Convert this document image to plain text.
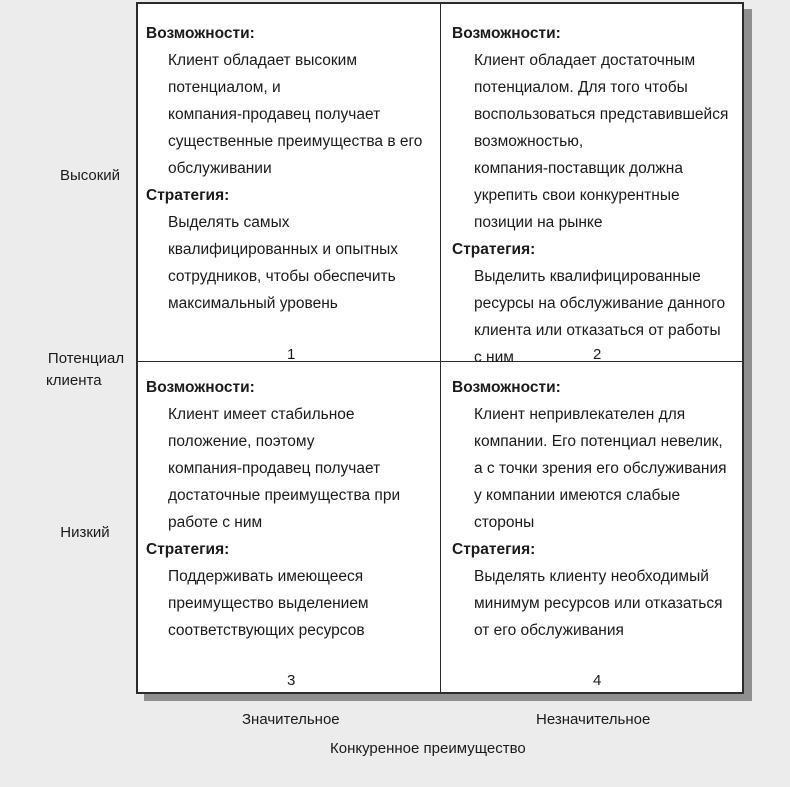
Возможности:
Клиент обладает высоким
потенциалом, и
компания-продавец получает
существенные преимущества в его
обслуживании
Стратегия:
Выделять самых
квалифицированных и опытных
сотрудников, чтобы обеспечить
максимальный уровень
1
Возможности:
Клиент обладает достаточным
потенциалом. Для того чтобы
воспользоваться представившейся
возможностью,
компания-поставщик должна
укрепить свои конкурентные
позиции на рынке
Стратегия:
Выделить квалифицированные
ресурсы на обслуживание данного
клиента или отказаться от работы
с ним	2
Возможности:
Клиент имеет стабильное
положение, поэтому
компания-продавец получает
достаточные преимущества при
работе с ним
Стратегия:
Поддерживать имеющееся
преимущество выделением
соответствующих ресурсов
3
Возможности:
Клиент непривлекателен для
компании. Его потенциал невелик,
а с точки зрения его обслуживания
у компании имеются слабые
стороны
Стратегия:
Выделять клиенту необходимый
минимум ресурсов или отказаться
от его обслуживания
4
Высокий
Потенциал
клиента
Низкий
Значительное	Незначительное
Конкуренное преимущество
